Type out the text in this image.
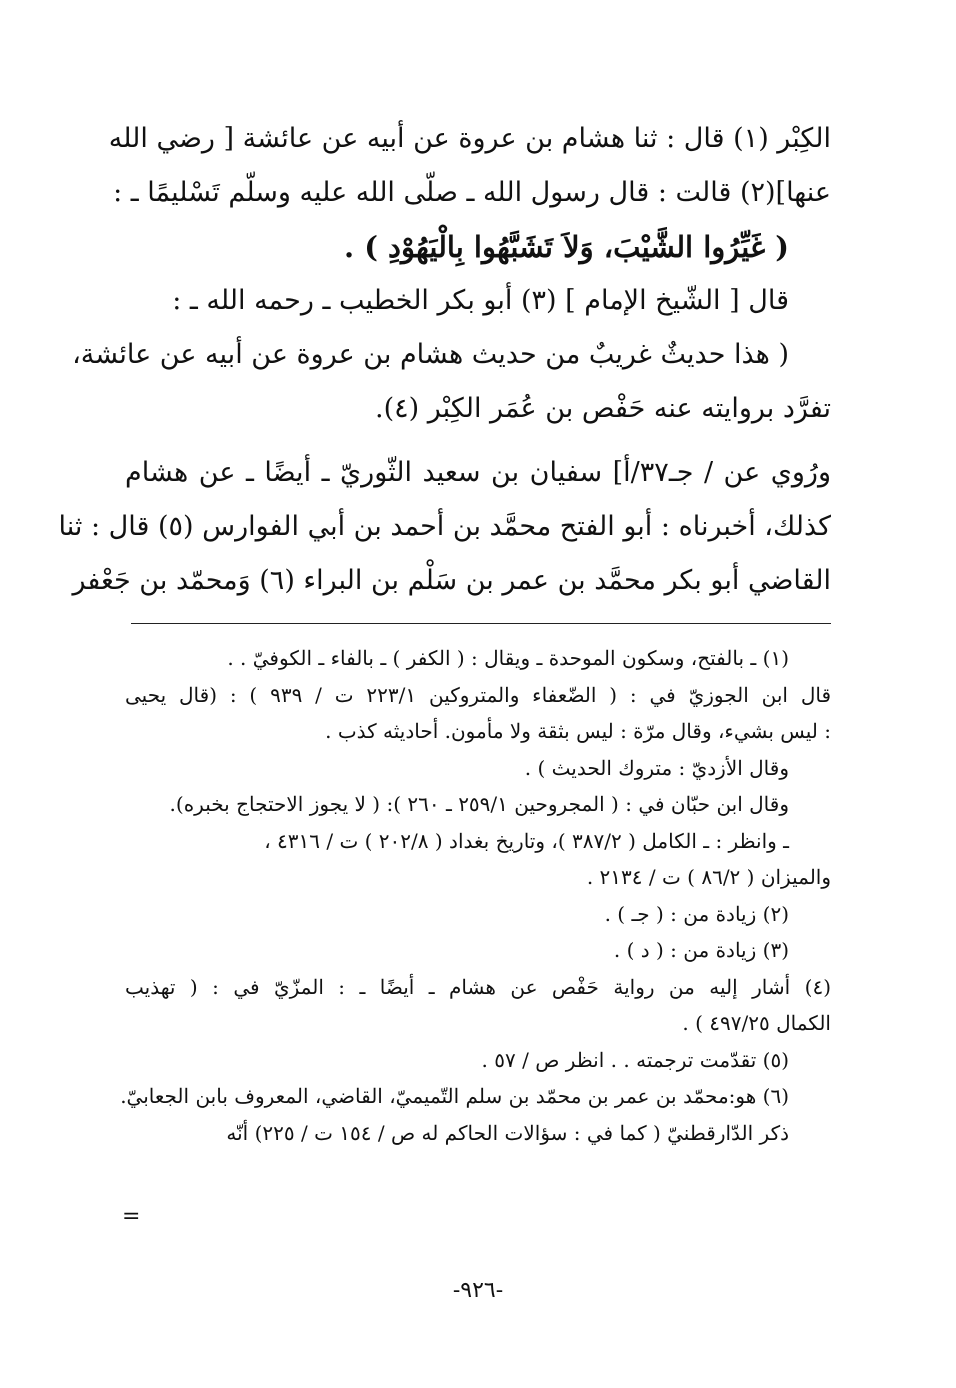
الكِبْر (١) قال : ثنا هشام بن عروة عن أبيه عن عائشة [ رضي الله

عنها](٢) قالت : قال رسول الله ـ صلّى الله عليه وسلّم تَسْليمًا ـ :

( غَيِّرُوا الشَّيْبَ، وَلاَ تَشَبَّهُوا بِالْيَهُوْدِ ) .

قال [ الشّيخ الإمام ] (٣) أبو بكر الخطيب ـ رحمه الله ـ :

( هذا حديثٌ غريبٌ من حديث هشام بن عروة عن أبيه عن عائشة،

تفرَّد بروايته عنه حَفْص بن عُمَر الكِبْر (٤).

ورُوي عن / جـ٣٧/أ] سفيان بن سعيد الثّوريّ ـ أيضًا ـ عن هشام

كذلك، أخبرناه : أبو الفتح محمَّد بن أحمد بن أبي الفوارس (٥) قال : ثنا

القاضي أبو بكر محمَّد بن عمر بن سَلْم بن البراء (٦) وَمحمّد بن جَعْفر

(١) ـ بالفتح، وسكون الموحدة ـ ويقال : ( الكفر ) ـ بالفاء ـ الكوفيّ . .

قال ابن الجوزيّ في : ( الضّعفاء والمتروكين ٢٢٣/١ ت / ٩٣٩ ) : (قال يحيى

: ليس بشيء، وقال مرّة : ليس بثقة ولا مأمون. أحاديثه كذب .

وقال الأزديّ : متروك الحديث ) .

وقال ابن حبّان في : ( المجروحين ٢٥٩/١ ـ ٢٦٠ ): ( لا يجوز الاحتجاج بخبره).

ـ وانظر : ـ الكامل ( ٣٨٧/٢ )، وتاريخ بغداد ( ٢٠٢/٨ ) ت / ٤٣١٦ ،

والميزان ( ٨٦/٢ ) ت / ٢١٣٤ .

(٢) زيادة من : ( جـ ) .

(٣) زيادة من : ( د ) .

(٤) أشار إليه من رواية حَفْص عن هشام ـ أيضًا ـ : المزّيّ في : ( تهذيب

الكمال ٤٩٧/٢٥ ) .

(٥) تقدّمت ترجمته . . انظر ص / ٥٧ .

(٦) هو:محمّد بن عمر بن محمّد بن سلم التّميميّ، القاضي، المعروف بابن الجعابيّ.

ذكر الدّارقطنيّ ( كما في : سؤالات الحاكم له ص / ١٥٤ ت / ٢٢٥) أنّه

=
-٩٢٦-
